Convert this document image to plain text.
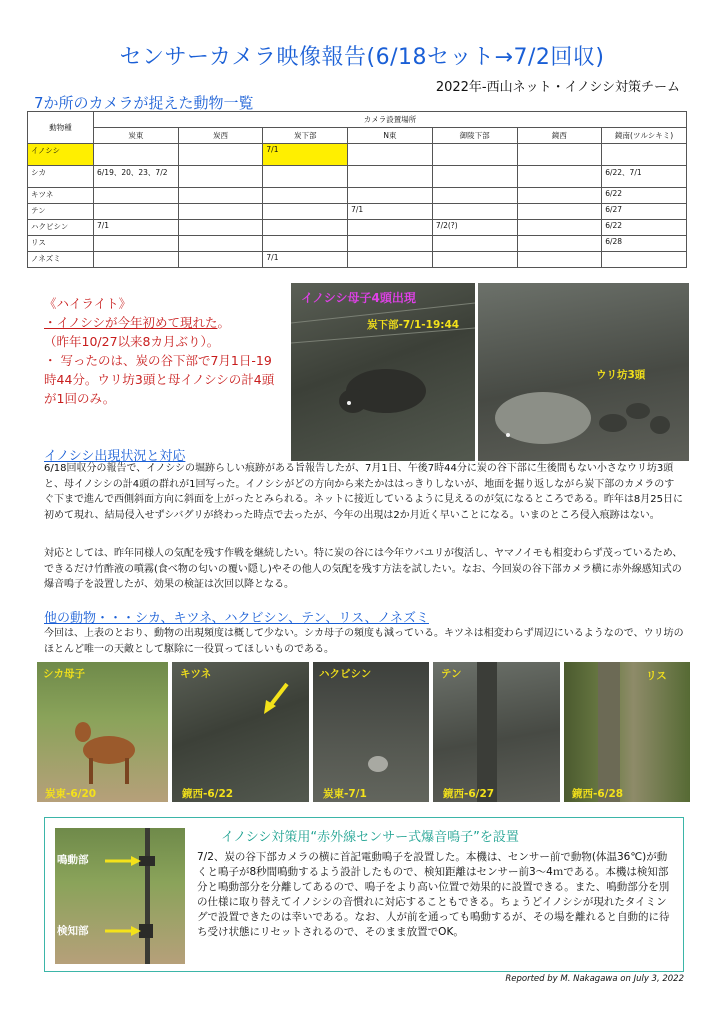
センサーカメラ映像報告(6/18セット→7/2回収)
2022年-西山ネット・イノシシ対策チーム
7か所のカメラが捉えた動物一覧
動物種	カメラ設置場所						
	炭東	炭西	炭下部	N東	御陵下部	鏡西	鏡南(ツルシキミ)
イノシシ			7/1				
シカ	6/19、20、23、7/2						6/22、7/1
キツネ							6/22
テン				7/1			6/27
ハクビシン	7/1				7/2(?)		6/22
リス							6/28
ノネズミ			7/1				
《ハイライト》
・イノシシが今年初めて現れた。
（昨年10/27以来8カ月ぶり）。
・ 写ったのは、炭の谷下部で7月1日-19時44分。ウリ坊3頭と母イノシシの計4頭が1回のみ。
イノシシ母子4頭出現
炭下部-7/1-19:44
ウリ坊3頭
イノシシ出現状況と対応
6/18回収分の報告で、イノシシの堀跡らしい痕跡がある旨報告したが、7月1日、午後7時44分に炭の谷下部に生後間もない小さなウリ坊3頭と、母イノシシの計4頭の群れが1回写った。イノシシがどの方向から来たかははっきりしないが、地面を掘り返しながら炭下部のカメラのすぐ下まで進んで西側斜面方向に斜面を上がったとみられる。ネットに接近しているように見えるのが気になるところである。昨年は8月25日に初めて現れ、結局侵入せずシバグリが終わった時点で去ったが、今年の出現は2か月近く早いことになる。いまのところ侵入痕跡はない。
対応としては、昨年同様人の気配を残す作戦を継続したい。特に炭の谷には今年ウバユリが復活し、ヤマノイモも相変わらず茂っているため、できるだけ竹酢液の噴霧(食べ物の匂いの覆い隠し)やその他人の気配を残す方法を試したい。なお、今回炭の谷下部カメラ横に赤外線感知式の爆音鳴子を設置したが、効果の検証は次回以降となる。
他の動物・・・シカ、キツネ、ハクビシン、テン、リス、ノネズミ
今回は、上表のとおり、動物の出現頻度は概して少ない。シカ母子の頻度も減っている。キツネは相変わらず周辺にいるようなので、ウリ坊のほとんど唯一の天敵として駆除に一役買ってほしいものである。
シカ母子
炭東-6/20
キツネ
鏡西-6/22
ハクビシン
炭東-7/1
テン
鏡西-6/27
リス
鏡西-6/28
鳴動部
検知部
イノシシ対策用“赤外線センサー式爆音鳴子”を設置
7/2、炭の谷下部カメラの横に首記電動鳴子を設置した。本機は、センサー前で動物(体温36℃)が動くと鳴子が8秒間鳴動するよう設計したもので、検知距離はセンサー前3～4ｍである。本機は検知部分と鳴動部分を分離してあるので、鳴子をより高い位置で効果的に設置できる。また、鳴動部分を別の仕様に取り替えてイノシシの音慣れに対応することもできる。ちょうどイノシシが現れたタイミングで設置できたのは幸いである。なお、人が前を通っても鳴動するが、その場を離れると自動的に待ち受け状態にリセットされるので、そのまま放置でOK。
Reported by M. Nakagawa on July 3, 2022
